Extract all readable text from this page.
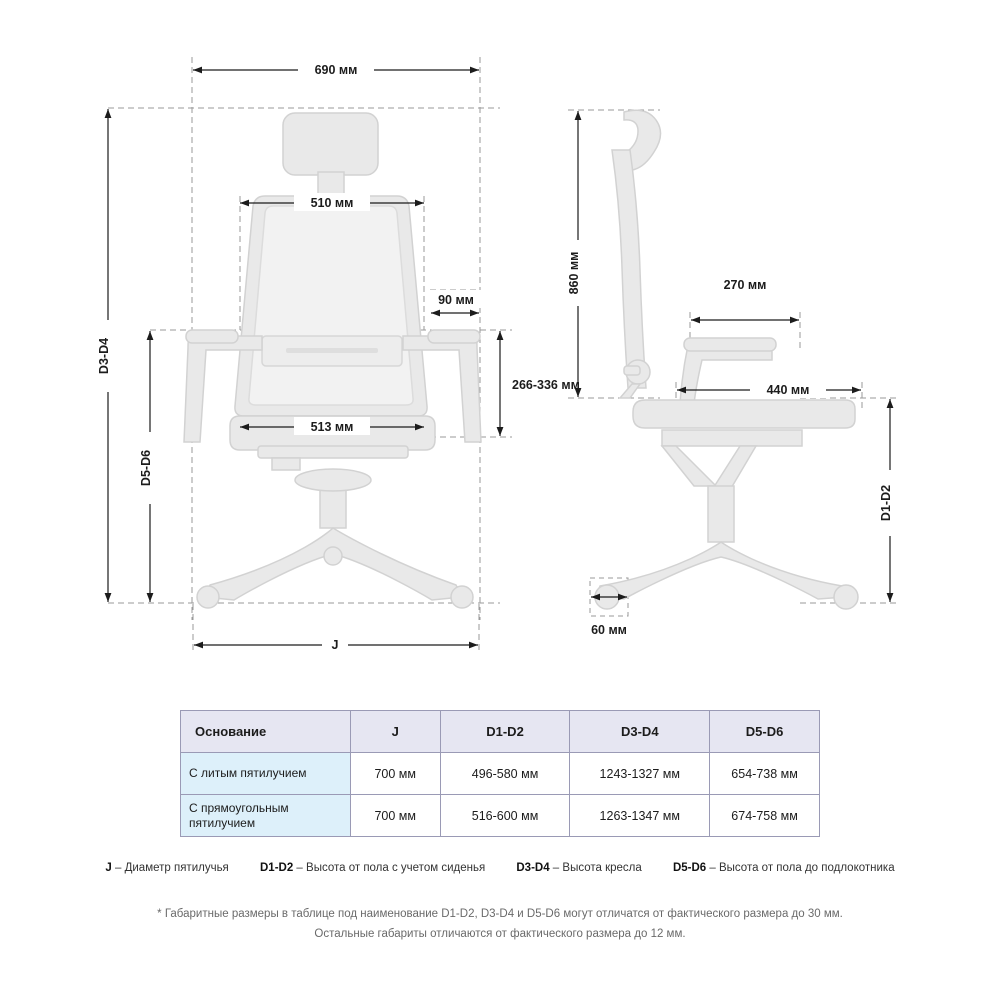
690 мм
510 мм
90 мм
266-336 мм
513 мм
D3-D4
D5-D6
J
860 мм	270 мм
440 мм
D1-D2
60 мм
Основание	J	D1-D2	D3-D4	D5-D6
С литым пятилучием	700 мм	496-580 мм	1243-1327 мм	654-738 мм
С прямоугольным пятилучием	700 мм	516-600 мм	1263-1347 мм	674-758 мм
J – Диаметр пятилучья	D1-D2 – Высота от пола с учетом сиденья	D3-D4 – Высота кресла	D5-D6 – Высота от пола до подлокотника
* Габаритные размеры в таблице под наименование D1-D2, D3-D4 и D5-D6 могут отличатся от фактического размера до 30 мм.
Остальные габариты отличаются от фактического размера до 12 мм.
